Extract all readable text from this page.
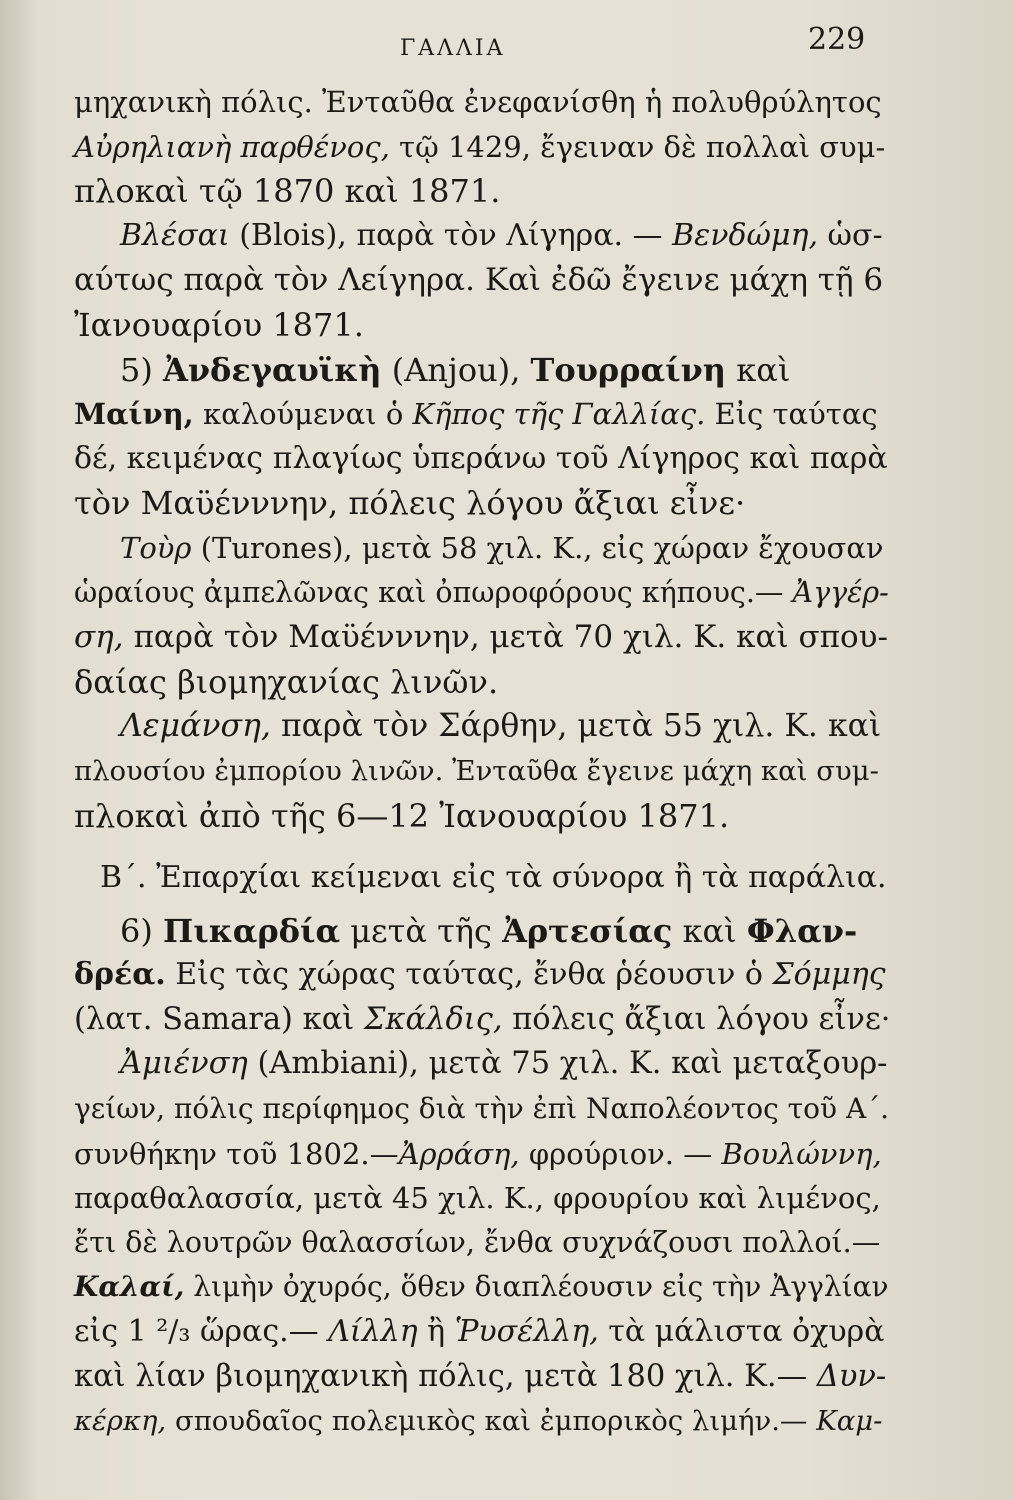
ΓΑΛΛΙΑ	229
μηχανικὴ πόλις. Ἐνταῦθα ἐνεφανίσθη ἡ πολυθρύλητος
Αὐρηλιανὴ παρθένος, τῷ 1429, ἔγειναν δὲ πολλαὶ συμ-
πλοκαὶ τῷ 1870 καὶ 1871.
Βλέσαι (Blois), παρὰ τὸν Λίγηρα. — Βενδώμη, ὡσ-
αύτως παρὰ τὸν Λείγηρα. Καὶ ἐδῶ ἔγεινε μάχη τῇ 6
Ἰανουαρίου 1871.
5) Ἀνδεγαυϊκὴ (Anjou), Τουρραίνη καὶ
Μαίνη, καλούμεναι ὁ Κῆπος τῆς Γαλλίας. Εἰς ταύτας
δέ, κειμένας πλαγίως ὑπεράνω τοῦ Λίγηρος καὶ παρὰ
τὸν Μαϋένννην, πόλεις λόγου ἄξιαι εἶνε·
Τοὺρ (Turones), μετὰ 58 χιλ. Κ., εἰς χώραν ἔχουσαν
ὡραίους ἀμπελῶνας καὶ ὀπωροφόρους κήπους.— Ἀγγέρ-
ση, παρὰ τὸν Μαϋένννην, μετὰ 70 χιλ. Κ. καὶ σπου-
δαίας βιομηχανίας λινῶν.
Λεμάνση, παρὰ τὸν Σάρθην, μετὰ 55 χιλ. Κ. καὶ
πλουσίου ἐμπορίου λινῶν. Ἐνταῦθα ἔγεινε μάχη καὶ συμ-
πλοκαὶ ἀπὸ τῆς 6—12 Ἰανουαρίου 1871.
Β΄. Ἐπαρχίαι κείμεναι εἰς τὰ σύνορα ἢ τὰ παράλια.
6) Πικαρδία μετὰ τῆς Ἀρτεσίας καὶ Φλαν-
δρέα. Εἰς τὰς χώρας ταύτας, ἔνθα ῥέουσιν ὁ Σόμμης
(λατ. Samara) καὶ Σκάλδις, πόλεις ἄξιαι λόγου εἶνε·
Ἀμιένση (Ambiani), μετὰ 75 χιλ. Κ. καὶ μεταξουρ-
γείων, πόλις περίφημος διὰ τὴν ἐπὶ Ναπολέοντος τοῦ Α΄.
συνθήκην τοῦ 1802.—Ἀρράση, φρούριον. — Βουλώννη,
παραθαλασσία, μετὰ 45 χιλ. Κ., φρουρίου καὶ λιμένος,
ἔτι δὲ λουτρῶν θαλασσίων, ἔνθα συχνάζουσι πολλοί.—
Καλαί, λιμὴν ὀχυρός, ὅθεν διαπλέουσιν εἰς τὴν Ἀγγλίαν
εἰς 1 ²/₃ ὥρας.— Λίλλη ἢ Ῥυσέλλη, τὰ μάλιστα ὀχυρὰ
καὶ λίαν βιομηχανικὴ πόλις, μετὰ 180 χιλ. Κ.— Δυν-
κέρκη, σπουδαῖος πολεμικὸς καὶ ἐμπορικὸς λιμήν.— Καμ-
